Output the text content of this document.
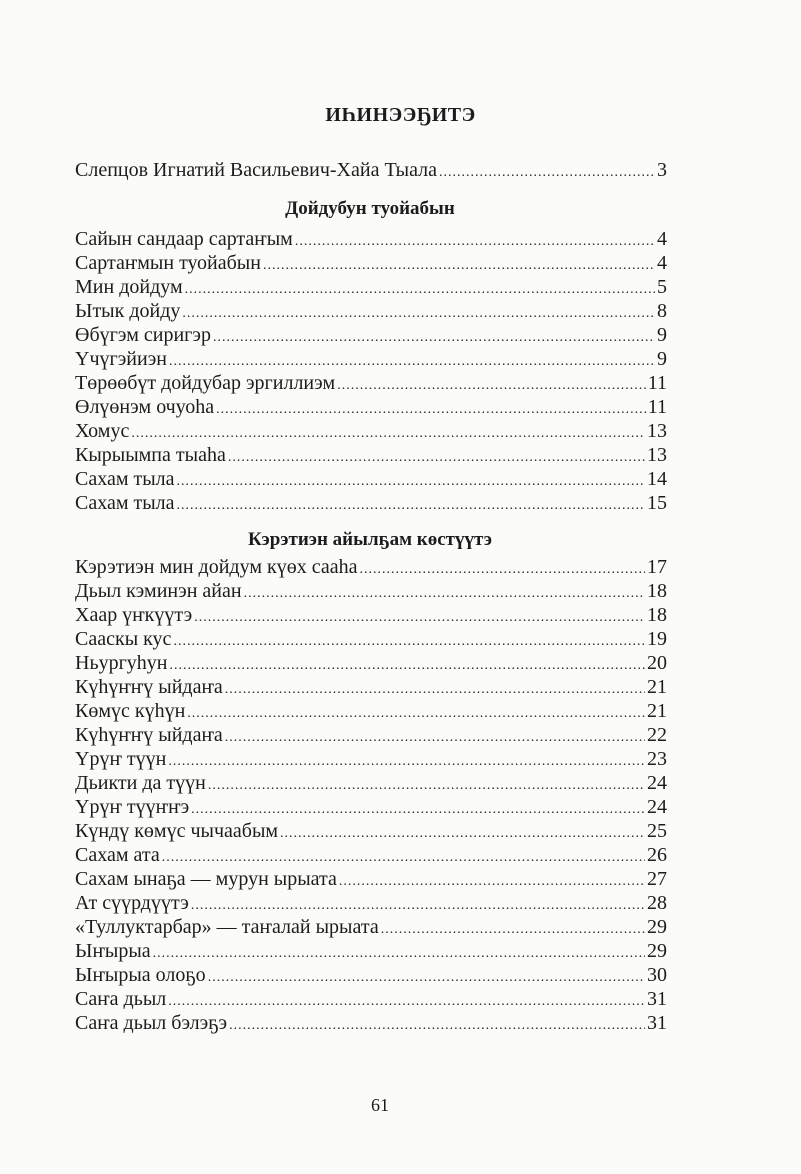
ИҺИНЭЭҔИТЭ
Слепцов Игнатий Васильевич-Хайа Тыала .....	3
Дойдубун туойабын
Сайын сандаар сартаҥым .....	4
Сартаҥмын туойабын .....	4
Мин дойдум .....	5
Ытык дойду .....	8
Өбүгэм сиригэр .....	9
Үчүгэйиэн .....	9
Төрөөбүт дойдубар эргиллиэм .....	11
Өлүөнэм очуоһа .....	11
Хомус .....	13
Кырыымпа тыаһа .....	13
Сахам тыла .....	14
Сахам тыла .....	15
Кэрэтиэн айылҕам көстүүтэ
Кэрэтиэн мин дойдум күөх сааһа .....	17
Дьыл кэминэн айан .....	18
Хаар үҥкүүтэ .....	18
Сааскы кус .....	19
Ньургуһун .....	20
Күһүҥҥү ыйдаҥа .....	21
Көмүс күһүн .....	21
Күһүҥҥү ыйдаҥа .....	22
Үрүҥ түүн .....	23
Дьикти да түүн .....	24
Үрүҥ түүҥҥэ .....	24
Күндү көмүс чычаабым .....	25
Сахам ата .....	26
Сахам ынаҕа — мурун ырыата .....	27
Ат сүүрдүүтэ .....	28
«Туллуктарбар» — таҥалай ырыата .....	29
Ыҥырыа .....	29
Ыҥырыа олоҕо .....	30
Саҥа дьыл .....	31
Саҥа дьыл бэлэҕэ .....	31
61
